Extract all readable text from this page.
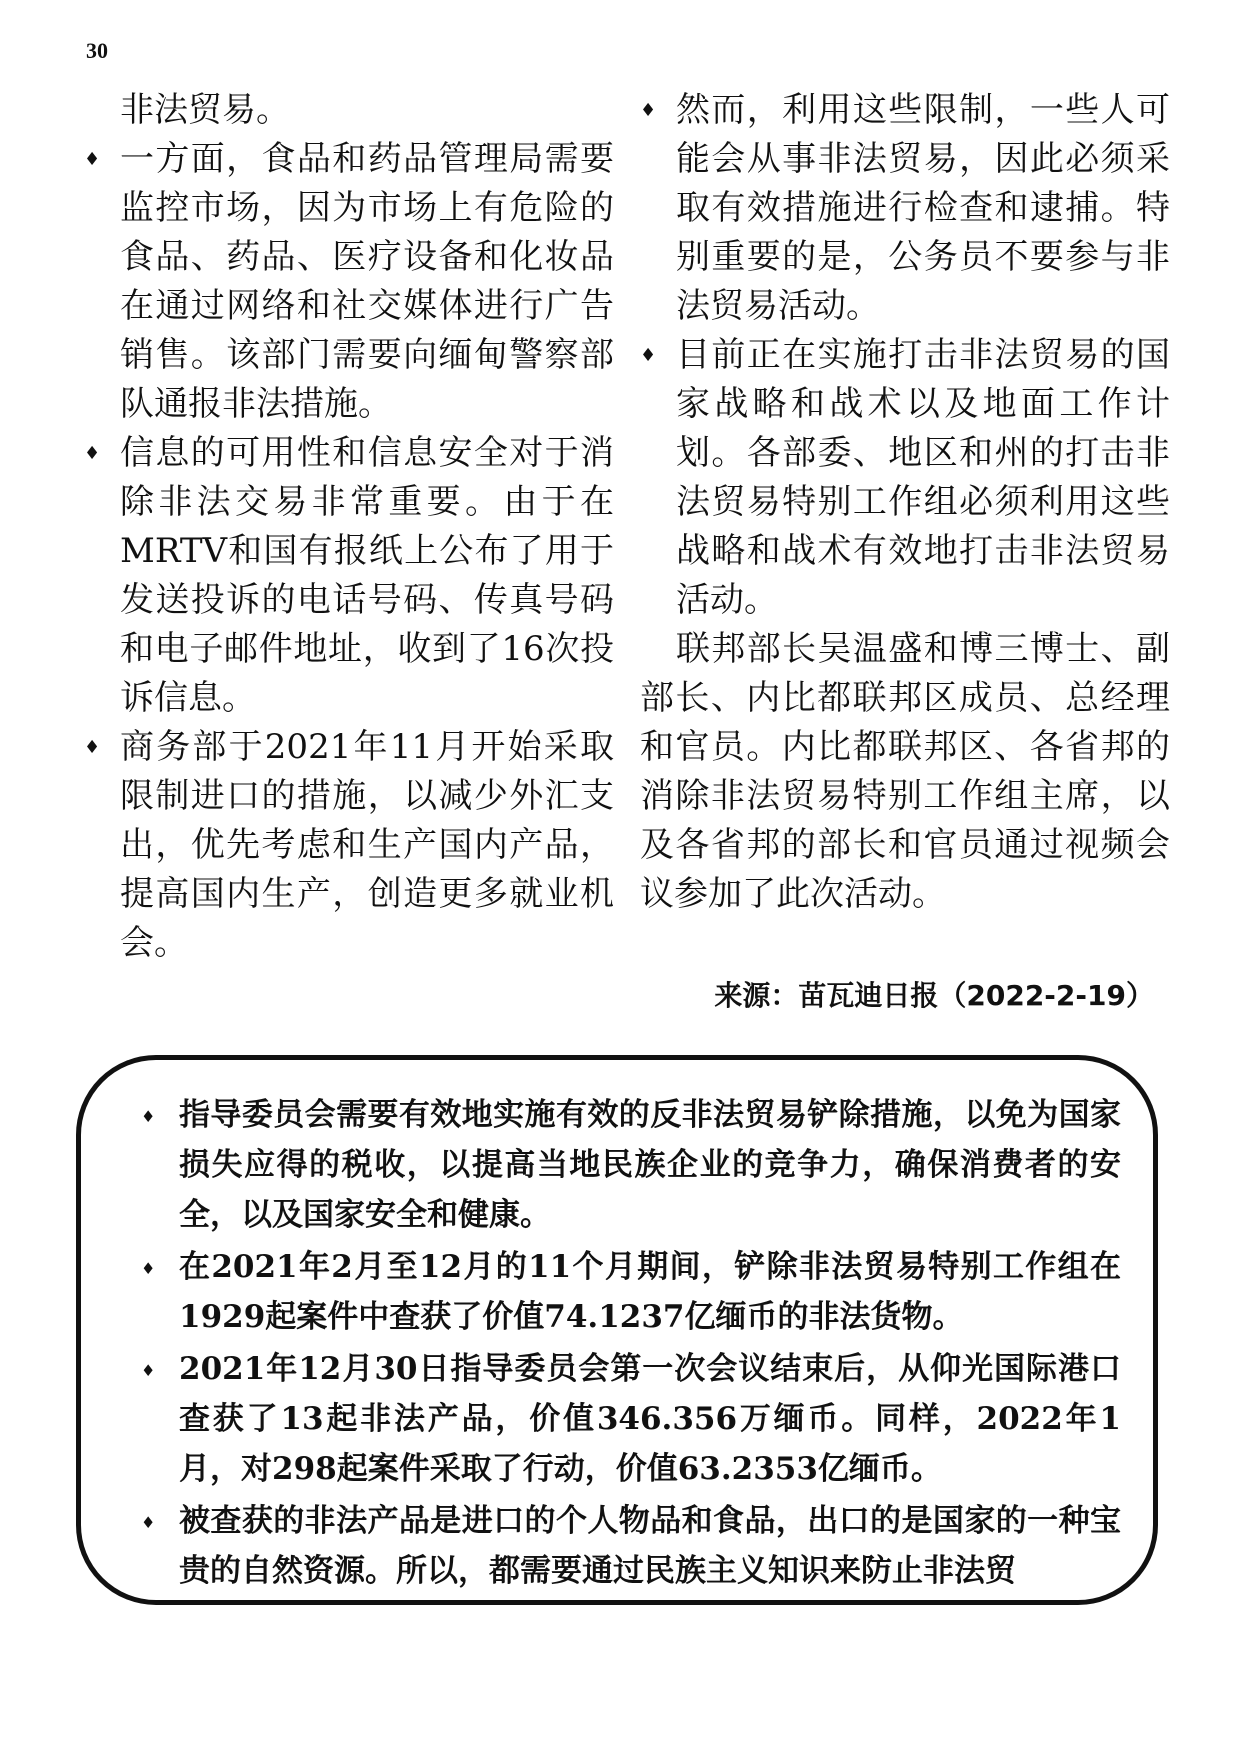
30

非法贸易。

♦ 一方面，食品和药品管理局需要监控市场，因为市场上有危险的食品、药品、医疗设备和化妆品在通过网络和社交媒体进行广告销售。该部门需要向缅甸警察部队通报非法措施。
♦ 信息的可用性和信息安全对于消除非法交易非常重要。由于在MRTV和国有报纸上公布了用于发送投诉的电话号码、传真号码和电子邮件地址，收到了16次投诉信息。
♦ 商务部于2021年11月开始采取限制进口的措施，以减少外汇支出，优先考虑和生产国内产品，提高国内生产，创造更多就业机会。
♦ 然而，利用这些限制，一些人可能会从事非法贸易，因此必须采取有效措施进行检查和逮捕。特别重要的是，公务员不要参与非法贸易活动。
♦ 目前正在实施打击非法贸易的国家战略和战术以及地面工作计划。各部委、地区和州的打击非法贸易特别工作组必须利用这些战略和战术有效地打击非法贸易活动。

联邦部长吴温盛和博三博士、副部长、内比都联邦区成员、总经理和官员。内比都联邦区、各省邦的消除非法贸易特别工作组主席，以及各省邦的部长和官员通过视频会议参加了此次活动。

来源：苗瓦迪日报（2022-2-19）
♦ 指导委员会需要有效地实施有效的反非法贸易铲除措施，以免为国家损失应得的税收，以提高当地民族企业的竞争力，确保消费者的安全，以及国家安全和健康。
♦ 在2021年2月至12月的11个月期间，铲除非法贸易特别工作组在1929起案件中查获了价值74.1237亿缅币的非法货物。
♦ 2021年12月30日指导委员会第一次会议结束后，从仰光国际港口查获了13起非法产品，价值346.356万缅币。同样，2022年1月，对298起案件采取了行动，价值63.2353亿缅币。
♦ 被查获的非法产品是进口的个人物品和食品，出口的是国家的一种宝贵的自然资源。所以，都需要通过民族主义知识来防止非法贸
